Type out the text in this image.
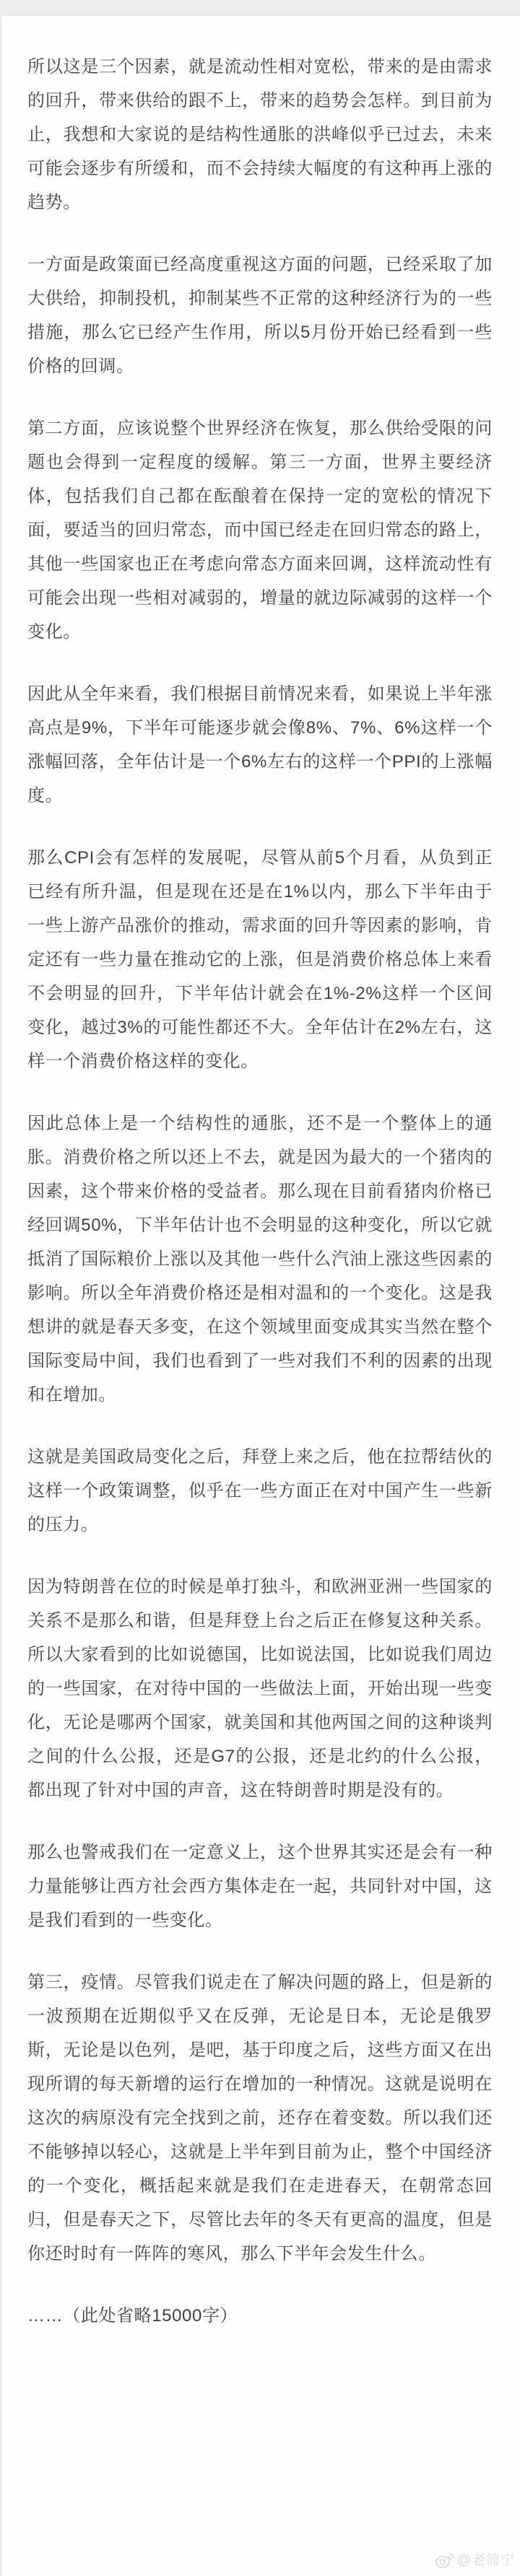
所以这是三个因素，就是流动性相对宽松，带来的是由需求的回升，带来供给的跟不上，带来的趋势会怎样。到目前为止，我想和大家说的是结构性通胀的洪峰似乎已过去，未来可能会逐步有所缓和，而不会持续大幅度的有这种再上涨的趋势。

一方面是政策面已经高度重视这方面的问题，已经采取了加大供给，抑制投机，抑制某些不正常的这种经济行为的一些措施，那么它已经产生作用，所以5月份开始已经看到一些价格的回调。

第二方面，应该说整个世界经济在恢复，那么供给受限的问题也会得到一定程度的缓解。第三一方面，世界主要经济体，包括我们自己都在酝酿着在保持一定的宽松的情况下面，要适当的回归常态，而中国已经走在回归常态的路上，其他一些国家也正在考虑向常态方面来回调，这样流动性有可能会出现一些相对减弱的，增量的就边际减弱的这样一个变化。

因此从全年来看，我们根据目前情况来看，如果说上半年涨高点是9%，下半年可能逐步就会像8%、7%、6%这样一个涨幅回落，全年估计是一个6%左右的这样一个PPI的上涨幅度。

那么CPI会有怎样的发展呢，尽管从前5个月看，从负到正已经有所升温，但是现在还是在1%以内，那么下半年由于一些上游产品涨价的推动，需求面的回升等因素的影响，肯定还有一些力量在推动它的上涨，但是消费价格总体上来看不会明显的回升，下半年估计就会在1%-2%这样一个区间变化，越过3%的可能性都还不大。全年估计在2%左右，这样一个消费价格这样的变化。

因此总体上是一个结构性的通胀，还不是一个整体上的通胀。消费价格之所以还上不去，就是因为最大的一个猪肉的因素，这个带来价格的受益者。那么现在目前看猪肉价格已经回调50%，下半年估计也不会明显的这种变化，所以它就抵消了国际粮价上涨以及其他一些什么汽油上涨这些因素的影响。所以全年消费价格还是相对温和的一个变化。这是我想讲的就是春天多变，在这个领域里面变成其实当然在整个国际变局中间，我们也看到了一些对我们不利的因素的出现和在增加。

这就是美国政局变化之后，拜登上来之后，他在拉帮结伙的这样一个政策调整，似乎在一些方面正在对中国产生一些新的压力。

因为特朗普在位的时候是单打独斗，和欧洲亚洲一些国家的关系不是那么和谐，但是拜登上台之后正在修复这种关系。所以大家看到的比如说德国，比如说法国，比如说我们周边的一些国家，在对待中国的一些做法上面，开始出现一些变化，无论是哪两个国家，就美国和其他两国之间的这种谈判之间的什么公报，还是G7的公报，还是北约的什么公报，都出现了针对中国的声音，这在特朗普时期是没有的。

那么也警戒我们在一定意义上，这个世界其实还是会有一种力量能够让西方社会西方集体走在一起，共同针对中国，这是我们看到的一些变化。

第三，疫情。尽管我们说走在了解决问题的路上，但是新的一波预期在近期似乎又在反弹，无论是日本，无论是俄罗斯，无论是以色列，是吧，基于印度之后，这些方面又在出现所谓的每天新增的运行在增加的一种情况。这就是说明在这次的病原没有完全找到之前，还存在着变数。所以我们还不能够掉以轻心，这就是上半年到目前为止，整个中国经济的一个变化，概括起来就是我们在走进春天，在朝常态回归，但是春天之下，尽管比去年的冬天有更高的温度，但是你还时时有一阵阵的寒风，那么下半年会发生什么。

……（此处省略15000字）

@老简宁
